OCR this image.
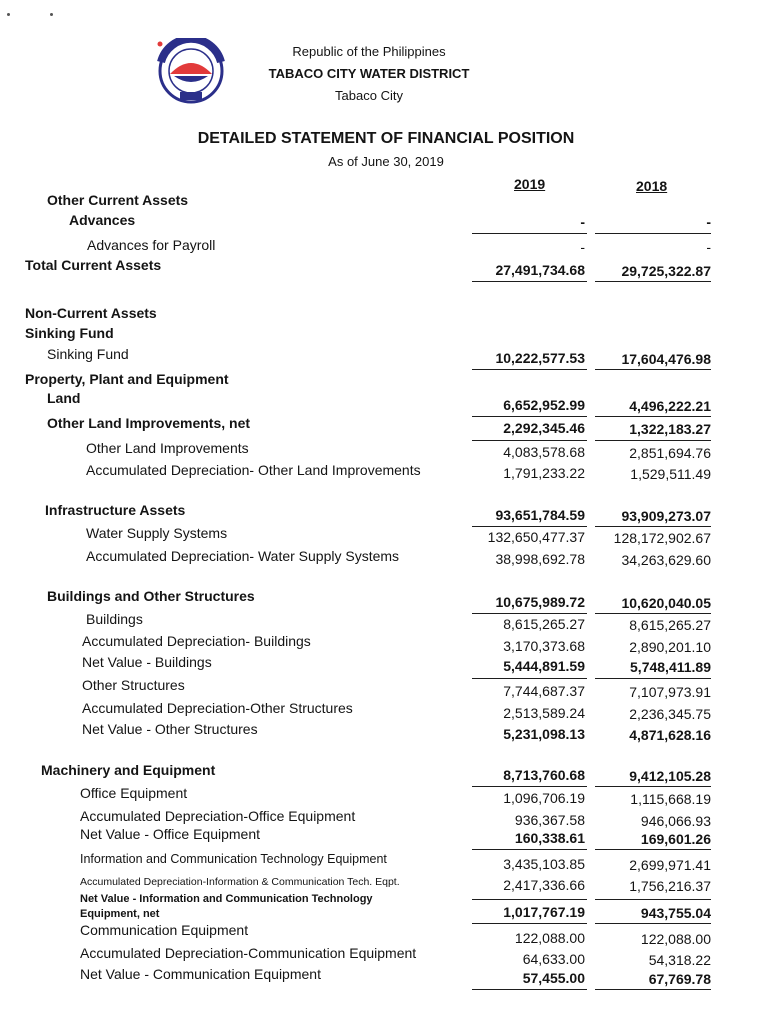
Republic of the Philippines
TABACO CITY WATER DISTRICT
Tabaco City
DETAILED STATEMENT OF FINANCIAL POSITION
As of June 30, 2019
2019	2018
Other Current Assets
Advances
Advances for Payroll
Total Current Assets
Non-Current Assets
Sinking Fund
Sinking Fund
Property, Plant and Equipment
Land
Other Land Improvements, net
Other Land Improvements
Accumulated Depreciation- Other Land Improvements
Infrastructure Assets
Water Supply Systems
Accumulated Depreciation- Water Supply Systems
Buildings and Other Structures
Buildings
Accumulated Depreciation- Buildings
Net Value - Buildings
Other Structures
Accumulated Depreciation-Other Structures
Net Value - Other Structures
Machinery and Equipment
Office Equipment
Accumulated Depreciation-Office Equipment
Net Value - Office Equipment
Information and Communication Technology Equipment
Accumulated Depreciation-Information & Communication Tech. Eqpt.
Net Value - Information and Communication Technology
Equipment, net
Communication Equipment
Accumulated Depreciation-Communication Equipment
Net Value - Communication Equipment
-
-
27,491,734.68
10,222,577.53
6,652,952.99
2,292,345.46
4,083,578.68
1,791,233.22
93,651,784.59
132,650,477.37
38,998,692.78
10,675,989.72
8,615,265.27
3,170,373.68
5,444,891.59
7,744,687.37
2,513,589.24
5,231,098.13
8,713,760.68
1,096,706.19
936,367.58
160,338.61
3,435,103.85
2,417,336.66
1,017,767.19
122,088.00
64,633.00
57,455.00
-
-
29,725,322.87
17,604,476.98
4,496,222.21
1,322,183.27
2,851,694.76
1,529,511.49
93,909,273.07
128,172,902.67
34,263,629.60
10,620,040.05
8,615,265.27
2,890,201.10
5,748,411.89
7,107,973.91
2,236,345.75
4,871,628.16
9,412,105.28
1,115,668.19
946,066.93
169,601.26
2,699,971.41
1,756,216.37
943,755.04
122,088.00
54,318.22
67,769.78
